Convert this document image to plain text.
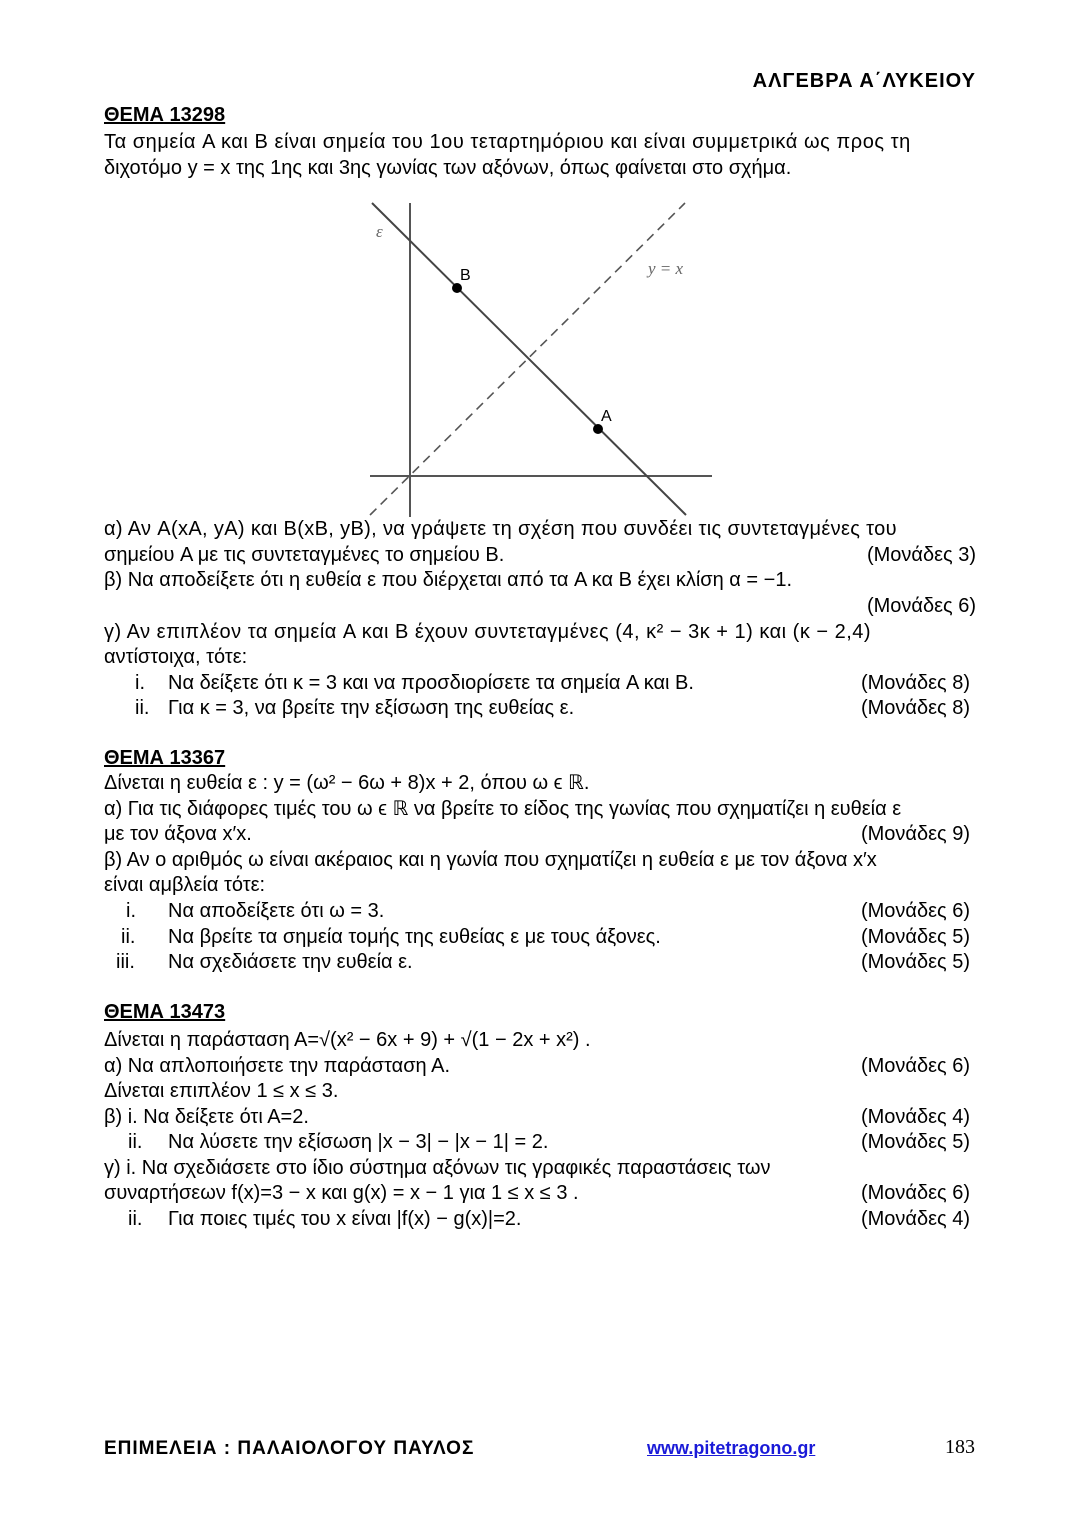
ΑΛΓΕΒΡΑ Α΄ΛΥΚΕΙΟΥ
ΘΕΜΑ 13298
Τα σημεία A και B είναι σημεία του 1ου τεταρτημόριου και είναι συμμετρικά ως προς τη
διχοτόμο y = x της 1ης και 3ης γωνίας των αξόνων, όπως φαίνεται στο σχήμα.
ε
B
A
y = x
α) Αν A(xA, yA) και B(xB, yB), να γράψετε τη σχέση που συνδέει τις συντεταγμένες του
σημείου A με τις συντεταγμένες το σημείου B.	(Μονάδες 3)
β) Να αποδείξετε ότι η ευθεία ε που διέρχεται από τα A κα B έχει κλίση α = −1.
(Μονάδες 6)
γ) Αν επιπλέον τα σημεία A και B έχουν συντεταγμένες (4, κ² − 3κ + 1) και (κ − 2,4)
αντίστοιχα, τότε:
i. Να δείξετε ότι κ = 3 και να προσδιορίσετε τα σημεία A και B.	(Μονάδες 8)
ii. Για κ = 3, να βρείτε την εξίσωση της ευθείας ε.	(Μονάδες 8)
ΘΕΜΑ 13367
Δίνεται η ευθεία ε : y = (ω² − 6ω + 8)x + 2, όπου ω ϵ ℝ.
α) Για τις διάφορες τιμές του ω ϵ ℝ να βρείτε το είδος της γωνίας που σχηματίζει η ευθεία ε
με τον άξονα x′x.	(Μονάδες 9)
β) Αν ο αριθμός ω είναι ακέραιος και η γωνία που σχηματίζει η ευθεία ε με τον άξονα x′x
είναι αμβλεία τότε:
i. Να αποδείξετε ότι ω = 3.	(Μονάδες 6)
ii. Να βρείτε τα σημεία τομής της ευθείας ε με τους άξονες.	(Μονάδες 5)
iii. Να σχεδιάσετε την ευθεία ε.	(Μονάδες 5)
ΘΕΜΑ 13473
Δίνεται η παράσταση Α=√(x² − 6x + 9) + √(1 − 2x + x²) .
α) Να απλοποιήσετε την παράσταση Α.	(Μονάδες 6)
Δίνεται επιπλέον 1 ≤ x ≤ 3.
β) i. Να δείξετε ότι Α=2.	(Μονάδες 4)
ii. Να λύσετε την εξίσωση |x − 3| − |x − 1| = 2.	(Μονάδες 5)
γ) i. Να σχεδιάσετε στο ίδιο σύστημα αξόνων τις γραφικές παραστάσεις των
συναρτήσεων f(x)=3 − x και g(x) = x − 1 για 1 ≤ x ≤ 3 .	(Μονάδες 6)
ii. Για ποιες τιμές του x είναι |f(x) − g(x)|=2.	(Μονάδες 4)
ΕΠΙΜΕΛΕΙΑ : ΠΑΛΑΙΟΛΟΓΟΥ ΠΑΥΛΟΣ	www.pitetragono.gr	183
